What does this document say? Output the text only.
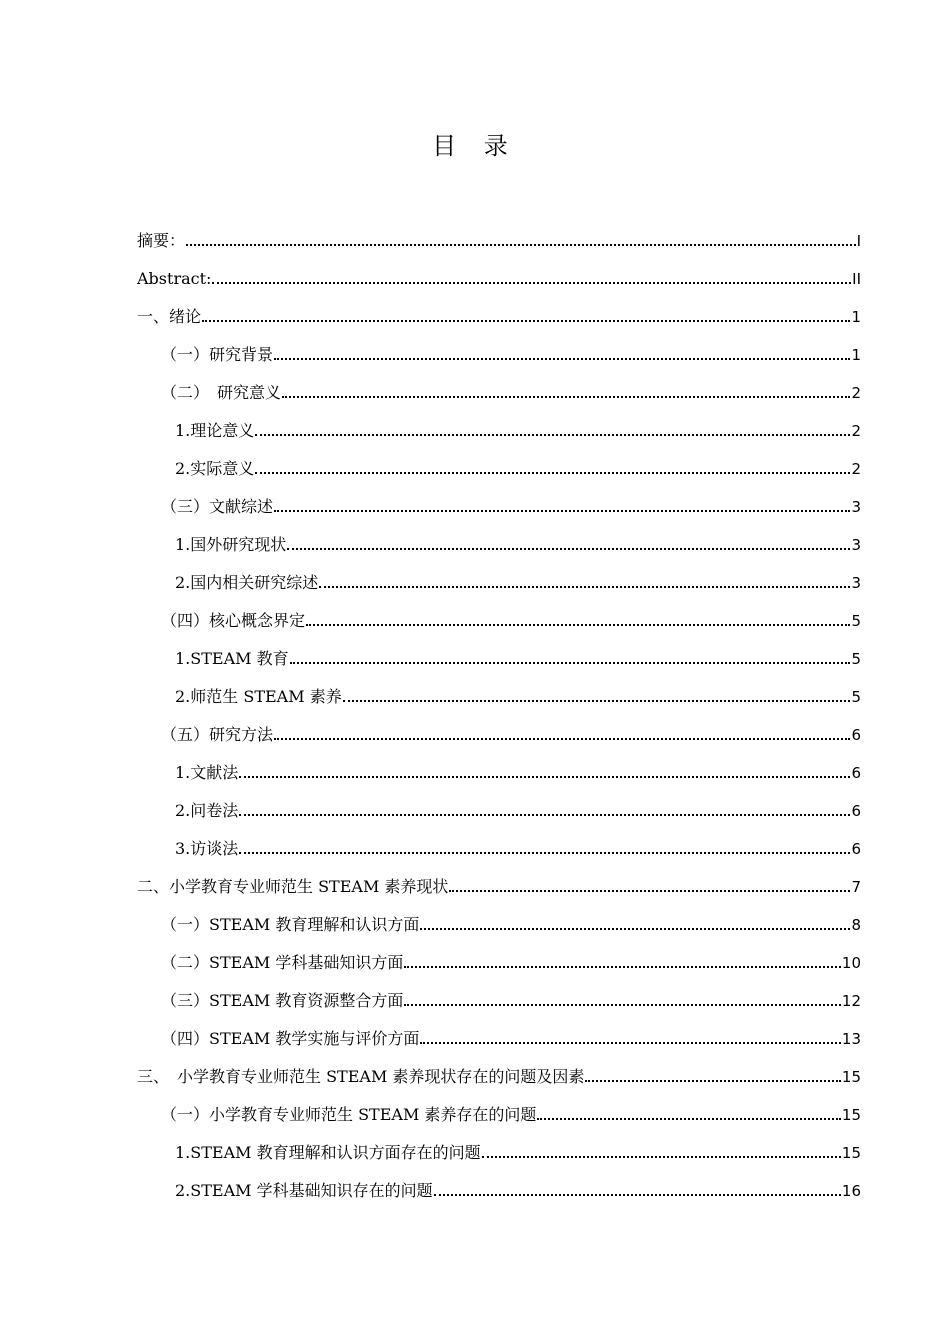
目 录
摘要：	I
Abstract:	II
一、绪论	1
（一）研究背景	1
（二）　研究意义	2
1.理论意义	2
2.实际意义	2
（三）文献综述	3
1.国外研究现状	3
2.国内相关研究综述	3
（四）核心概念界定	5
1.STEAM 教育	5
2.师范生 STEAM 素养	5
（五）研究方法	6
1.文献法	6
2.问卷法	6
3.访谈法	6
二、小学教育专业师范生 STEAM 素养现状	7
（一）STEAM 教育理解和认识方面	8
（二）STEAM 学科基础知识方面	10
（三）STEAM 教育资源整合方面	12
（四）STEAM 教学实施与评价方面	13
三、　小学教育专业师范生 STEAM 素养现状存在的问题及因素	15
（一）小学教育专业师范生 STEAM 素养存在的问题	15
1.STEAM 教育理解和认识方面存在的问题	15
2.STEAM 学科基础知识存在的问题	16
